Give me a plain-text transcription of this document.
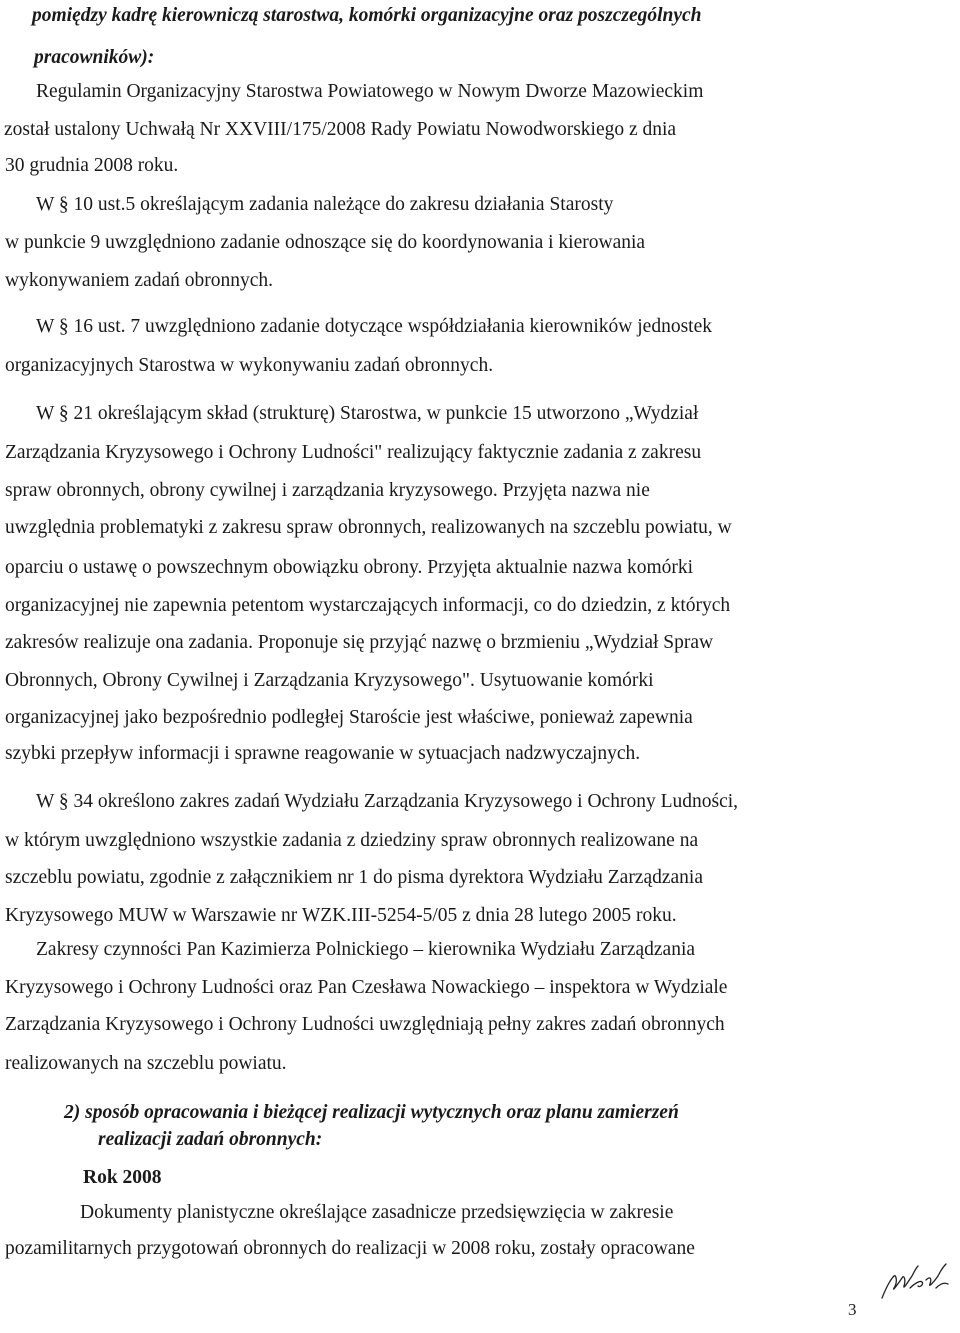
pomiędzy kadrę kierowniczą starostwa, komórki organizacyjne oraz poszczególnych
pracowników):
Regulamin Organizacyjny Starostwa Powiatowego w Nowym Dworze Mazowieckim
został ustalony Uchwałą Nr XXVIII/175/2008 Rady Powiatu Nowodworskiego z dnia
30 grudnia 2008 roku.
W § 10 ust.5 określającym zadania należące do zakresu działania Starosty
w punkcie 9 uwzględniono zadanie odnoszące się do koordynowania i kierowania
wykonywaniem zadań obronnych.
W § 16 ust. 7 uwzględniono zadanie dotyczące współdziałania kierowników jednostek
organizacyjnych Starostwa w wykonywaniu zadań obronnych.
W § 21 określającym skład (strukturę) Starostwa, w punkcie 15 utworzono „Wydział
Zarządzania Kryzysowego i Ochrony Ludności" realizujący faktycznie zadania z zakresu
spraw obronnych, obrony cywilnej i zarządzania kryzysowego. Przyjęta nazwa nie
uwzględnia problematyki z zakresu spraw obronnych, realizowanych na szczeblu powiatu, w
oparciu o ustawę o powszechnym obowiązku obrony. Przyjęta aktualnie nazwa komórki
organizacyjnej nie zapewnia petentom wystarczających informacji, co do dziedzin, z których
zakresów realizuje ona zadania. Proponuje się przyjąć nazwę o brzmieniu „Wydział Spraw
Obronnych, Obrony Cywilnej i Zarządzania Kryzysowego". Usytuowanie komórki
organizacyjnej jako bezpośrednio podległej Staroście jest właściwe, ponieważ zapewnia
szybki przepływ informacji i sprawne reagowanie w sytuacjach nadzwyczajnych.
W § 34 określono zakres zadań Wydziału Zarządzania Kryzysowego i Ochrony Ludności,
w którym uwzględniono wszystkie zadania z dziedziny spraw obronnych realizowane na
szczeblu powiatu, zgodnie z załącznikiem nr 1 do pisma dyrektora Wydziału Zarządzania
Kryzysowego MUW w Warszawie nr WZK.III-5254-5/05 z dnia 28 lutego 2005 roku.
Zakresy czynności Pan Kazimierza Polnickiego – kierownika Wydziału Zarządzania
Kryzysowego i Ochrony Ludności oraz Pan Czesława Nowackiego – inspektora w Wydziale
Zarządzania Kryzysowego i Ochrony Ludności uwzględniają pełny zakres zadań obronnych
realizowanych na szczeblu powiatu.
2) sposób opracowania i bieżącej realizacji wytycznych oraz planu zamierzeń
realizacji zadań obronnych:
Rok 2008
Dokumenty planistyczne określające zasadnicze przedsięwzięcia w zakresie
pozamilitarnych przygotowań obronnych do realizacji w 2008 roku, zostały opracowane
3
